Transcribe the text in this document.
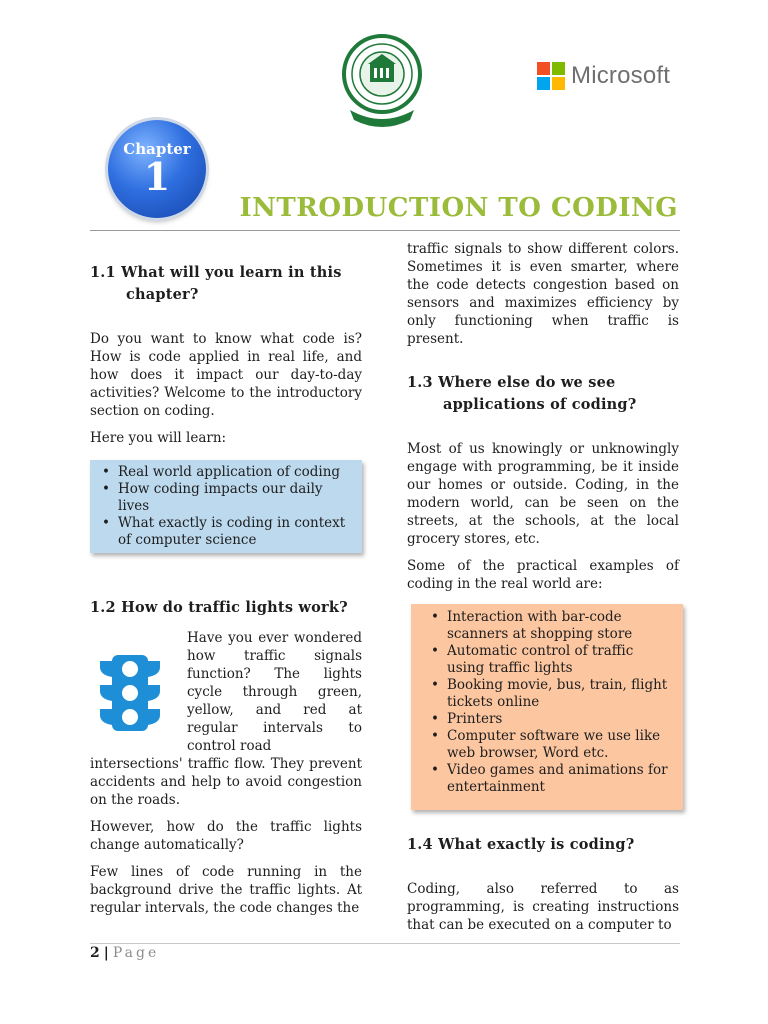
Microsoft
Chapter
1
INTRODUCTION TO CODING
1.1 What will you learn in this chapter?

Do you want to know what code is? How is code applied in real life, and how does it impact our day-to-day activities? Welcome to the introductory section on coding.

Here you will learn:

• Real world application of coding
• How coding impacts our daily lives
• What exactly is coding in context of computer science
1.2 How do traffic lights work?

Have you ever wondered how traffic signals function? The lights cycle through green, yellow, and red at regular intervals to control road

intersections' traffic flow. They prevent accidents and help to avoid congestion on the roads.

However, how do the traffic lights change automatically?

Few lines of code running in the background drive the traffic lights. At regular intervals, the code changes the

traffic signals to show different colors. Sometimes it is even smarter, where the code detects congestion based on sensors and maximizes efficiency by only functioning when traffic is present.

1.3 Where else do we see applications of coding?

Most of us knowingly or unknowingly engage with programming, be it inside our homes or outside. Coding, in the modern world, can be seen on the streets, at the schools, at the local grocery stores, etc.

Some of the practical examples of coding in the real world are:

• Interaction with bar-code scanners at shopping store
• Automatic control of traffic using traffic lights
• Booking movie, bus, train, flight tickets online
• Printers
• Computer software we use like web browser, Word etc.
• Video games and animations for entertainment
1.4 What exactly is coding?

Coding, also referred to as programming, is creating instructions that can be executed on a computer to

2 | Page
